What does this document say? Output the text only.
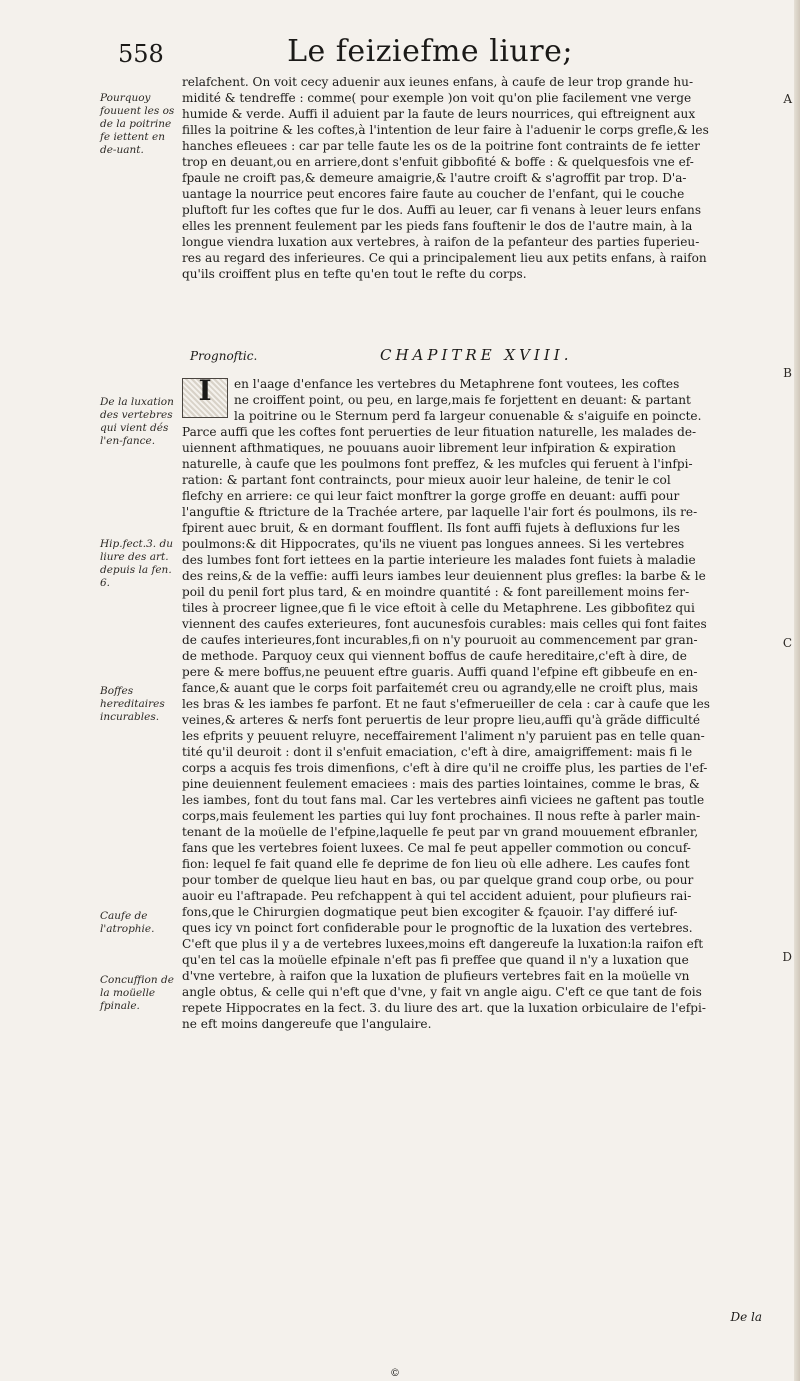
558	Le feiziefme liure;

relafchent. On voit cecy aduenir aux ieunes enfans, à caufe de leur trop grande hu-

midité & tendreffe : comme( pour exemple )on voit qu'on plie facilement vne verge

humide & verde. Auffi il aduient par la faute de leurs nourrices, qui eftreignent aux

filles la poitrine & les coftes,à l'intention de leur faire à l'aduenir le corps grefle,& les

hanches efleuees : car par telle faute les os de la poitrine font contraints de fe ietter

trop en deuant,ou en arriere,dont s'enfuit gibbofité & boffe : & quelquesfois vne ef-

fpaule ne croift pas,& demeure amaigrie,& l'autre croift & s'agroffit par trop. D'a-

uantage la nourrice peut encores faire faute au coucher de l'enfant, qui le couche

pluftoft fur les coftes que fur le dos. Auffi au leuer, car fi venans à leuer leurs enfans

elles les prennent feulement par les pieds fans fouftenir le dos de l'autre main, à la

longue viendra luxation aux vertebres, à raifon de la pefanteur des parties fuperieu-

res au regard des inferieures. Ce qui a principalement lieu aux petits enfans, à raifon

qu'ils croiffent plus en tefte qu'en tout le refte du corps.

Prognoftic.	CHAPITRE XVIII.
I	en l'aage d'enfance les vertebres du Metaphrene font voutees, les coftes

ne croiffent point, ou peu, en large,mais fe forjettent en deuant: & partant

la poitrine ou le Sternum perd fa largeur conuenable & s'aiguife en poincte.

Parce auffi que les coftes font peruerties de leur fituation naturelle, les malades de-

uiennent afthmatiques, ne pouuans auoir librement leur infpiration & expiration

naturelle, à caufe que les poulmons font preffez, & les mufcles qui feruent à l'infpi-

ration: & partant font contraincts, pour mieux auoir leur haleine, de tenir le col

flefchy en arriere: ce qui leur faict monftrer la gorge groffe en deuant: auffi pour

l'anguftie & ftricture de la Trachée artere, par laquelle l'air fort és poulmons, ils re-

fpirent auec bruit, & en dormant foufflent. Ils font auffi fujets à defluxions fur les

poulmons:& dit Hippocrates, qu'ils ne viuent pas longues annees. Si les vertebres

des lumbes font fort iettees en la partie interieure les malades font fuiets à maladie

des reins,& de la veffie: auffi leurs iambes leur deuiennent plus grefles: la barbe & le

poil du penil fort plus tard, & en moindre quantité : & font pareillement moins fer-

tiles à procreer lignee,que fi le vice eftoit à celle du Metaphrene. Les gibbofitez qui

viennent des caufes exterieures, font aucunesfois curables: mais celles qui font faites

de caufes interieures,font incurables,fi on n'y pouruoit au commencement par gran-

de methode. Parquoy ceux qui viennent boffus de caufe hereditaire,c'eft à dire, de

pere & mere boffus,ne peuuent eftre guaris. Auffi quand l'efpine eft gibbeufe en en-

fance,& auant que le corps foit parfaitemét creu ou agrandy,elle ne croift plus, mais

les bras & les iambes fe parfont. Et ne faut s'efmerueiller de cela : car à caufe que les

veines,& arteres & nerfs font peruertis de leur propre lieu,auffi qu'à grãde difficulté

les efprits y peuuent reluyre, neceffairement l'aliment n'y paruient pas en telle quan-

tité qu'il deuroit : dont il s'enfuit emaciation, c'eft à dire, amaigriffement: mais fi le

corps a acquis fes trois dimenfions, c'eft à dire qu'il ne croiffe plus, les parties de l'ef-

pine deuiennent feulement emaciees : mais des parties lointaines, comme le bras, &

les iambes, font du tout fans mal. Car les vertebres ainfi viciees ne gaftent pas toutle

corps,mais feulement les parties qui luy font prochaines. Il nous refte à parler main-

tenant de la moüelle de l'efpine,laquelle fe peut par vn grand mouuement efbranler,

fans que les vertebres foient luxees. Ce mal fe peut appeller commotion ou concuf-

fion: lequel fe fait quand elle fe deprime de fon lieu où elle adhere. Les caufes font

pour tomber de quelque lieu haut en bas, ou par quelque grand coup orbe, ou pour

auoir eu l'aftrapade. Peu refchappent à qui tel accident aduient, pour plufieurs rai-

fons,que le Chirurgien dogmatique peut bien excogiter & fçauoir. I'ay differé iuf-

ques icy vn poinct fort confiderable pour le prognoftic de la luxation des vertebres.

C'eft que plus il y a de vertebres luxees,moins eft dangereufe la luxation:la raifon eft

qu'en tel cas la moüelle efpinale n'eft pas fi preffee que quand il n'y a luxation que

d'vne vertebre, à raifon que la luxation de plufieurs vertebres fait en la moüelle vn

angle obtus, & celle qui n'eft que d'vne, y fait vn angle aigu. C'eft ce que tant de fois

repete Hippocrates en la fect. 3. du liure des art. que la luxation orbiculaire de l'efpi-

ne eft moins dangereufe que l'angulaire.

Pourquoy fouuent les os de la poitrine fe iettent en de-uant.
De la luxation des vertebres qui vient dés l'en-fance.
Hip.fect.3. du liure des art. depuis la fen. 6.
Boffes hereditaires incurables.
Caufe de l'atrophie.
Concuffion de la moüelle fpinale.
A
B
C
D
De la
©
